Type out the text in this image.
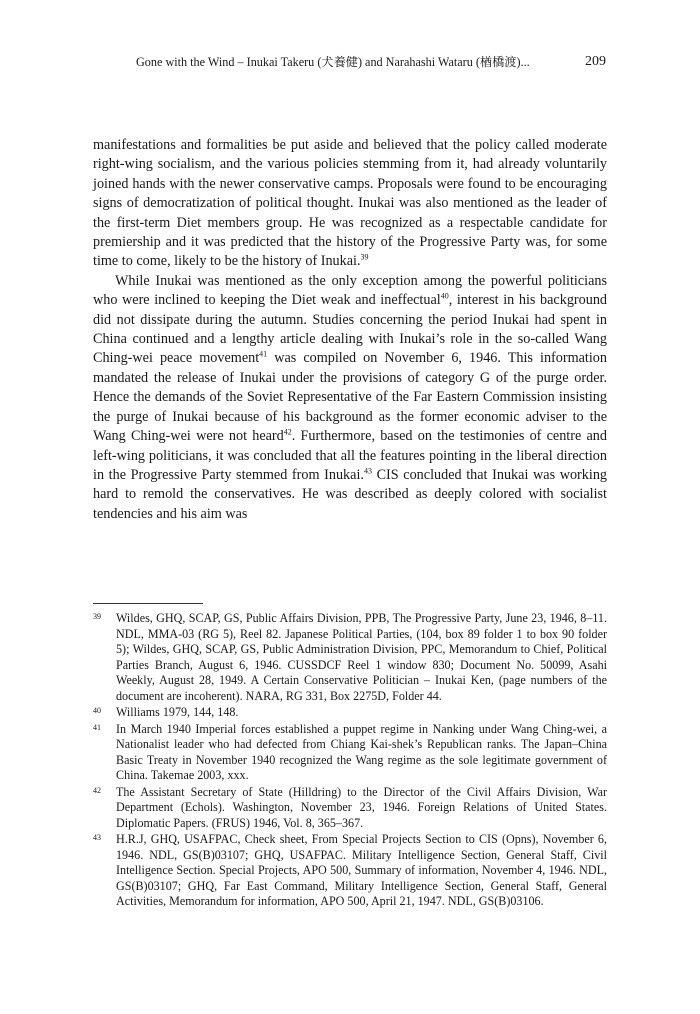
Gone with the Wind – Inukai Takeru (犬養健) and Narahashi Wataru (楢橋渡)...	209

manifestations and formalities be put aside and believed that the policy called moderate right-wing socialism, and the various policies stemming from it, had already voluntarily joined hands with the newer conservative camps. Proposals were found to be encouraging signs of democratization of political thought. Inukai was also mentioned as the leader of the first-term Diet members group. He was recognized as a respectable candidate for premiership and it was predicted that the history of the Progressive Party was, for some time to come, likely to be the history of Inukai.$^{39}$

While Inukai was mentioned as the only exception among the powerful politicians who were inclined to keeping the Diet weak and ineffectual$^{40}$, interest in his background did not dissipate during the autumn. Studies concerning the period Inukai had spent in China continued and a lengthy article dealing with Inukai’s role in the so-called Wang Ching-wei peace movement$^{41}$ was compiled on November 6, 1946. This information mandated the release of Inukai under the provisions of category G of the purge order. Hence the demands of the Soviet Representative of the Far Eastern Commission insisting the purge of Inukai because of his background as the former economic adviser to the Wang Ching-wei were not heard$^{42}$. Furthermore, based on the testimonies of centre and left-wing politicians, it was concluded that all the features pointing in the liberal direction in the Progressive Party stemmed from Inukai.$^{43}$ CIS concluded that Inukai was working hard to remold the conservatives. He was described as deeply colored with socialist tendencies and his aim was

39	Wildes, GHQ, SCAP, GS, Public Affairs Division, PPB, The Progressive Party, June 23, 1946, 8–11. NDL, MMA-03 (RG 5), Reel 82. Japanese Political Parties, (104, box 89 folder 1 to box 90 folder 5); Wildes, GHQ, SCAP, GS, Public Administration Division, PPC, Memorandum to Chief, Political Parties Branch, August 6, 1946. CUSSDCF Reel 1 window 830; Document No. 50099, Asahi Weekly, August 28, 1949. A Certain Conservative Politician – Inukai Ken, (page numbers of the document are incoherent). NARA, RG 331, Box 2275D, Folder 44.
40	Williams 1979, 144, 148.
41	In March 1940 Imperial forces established a puppet regime in Nanking under Wang Ching-wei, a Nationalist leader who had defected from Chiang Kai-shek’s Republican ranks. The Japan–China Basic Treaty in November 1940 recognized the Wang regime as the sole legitimate government of China. Takemae 2003, xxx.
42	The Assistant Secretary of State (Hilldring) to the Director of the Civil Affairs Division, War Department (Echols). Washington, November 23, 1946. Foreign Relations of United States. Diplomatic Papers. (FRUS) 1946, Vol. 8, 365–367.
43	H.R.J, GHQ, USAFPAC, Check sheet, From Special Projects Section to CIS (Opns), November 6, 1946. NDL, GS(B)03107; GHQ, USAFPAC. Military Intelligence Section, General Staff, Civil Intelligence Section. Special Projects, APO 500, Summary of information, November 4, 1946. NDL, GS(B)03107; GHQ, Far East Command, Military Intelligence Section, General Staff, General Activities, Memorandum for information, APO 500, April 21, 1947. NDL, GS(B)03106.
